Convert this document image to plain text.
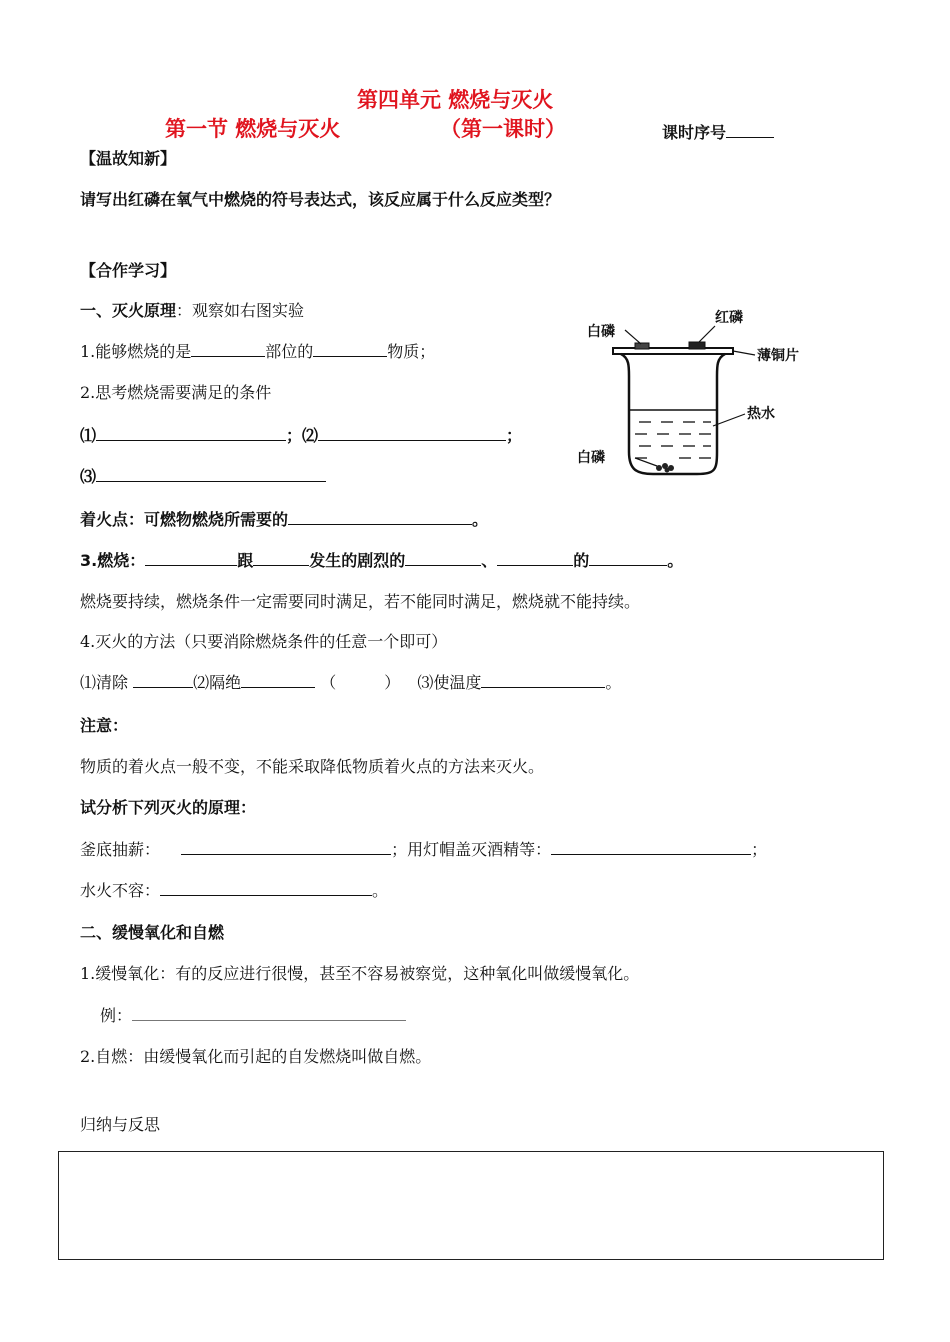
第四单元 燃烧与灭火
第一节 燃烧与灭火	（第一课时）	课时序号
【温故知新】
请写出红磷在氧气中燃烧的符号表达式，该反应属于什么反应类型？
【合作学习】
一、灭火原理：观察如右图实验
1.能够燃烧的是	部位的	物质；
2.思考燃烧需要满足的条件
⑴	；⑵	；
⑶
着火点：可燃物燃烧所需要的	。
3.燃烧：	跟	发生的剧烈的	、	的	。
燃烧要持续，燃烧条件一定需要同时满足，若不能同时满足，燃烧就不能持续。
4.灭火的方法（只要消除燃烧条件的任意一个即可）
⑴清除	⑵隔绝	（　　　） ⑶使温度	。
注意：
物质的着火点一般不变，不能采取降低物质着火点的方法来灭火。
试分析下列灭火的原理：
釜底抽薪：	；用灯帽盖灭酒精等：	；
水火不容：	。
二、缓慢氧化和自燃
1.缓慢氧化：有的反应进行很慢，甚至不容易被察觉，这种氧化叫做缓慢氧化。
例：
2.自燃：由缓慢氧化而引起的自发燃烧叫做自燃。
归纳与反思
白磷
红磷
薄铜片
热水
白磷
